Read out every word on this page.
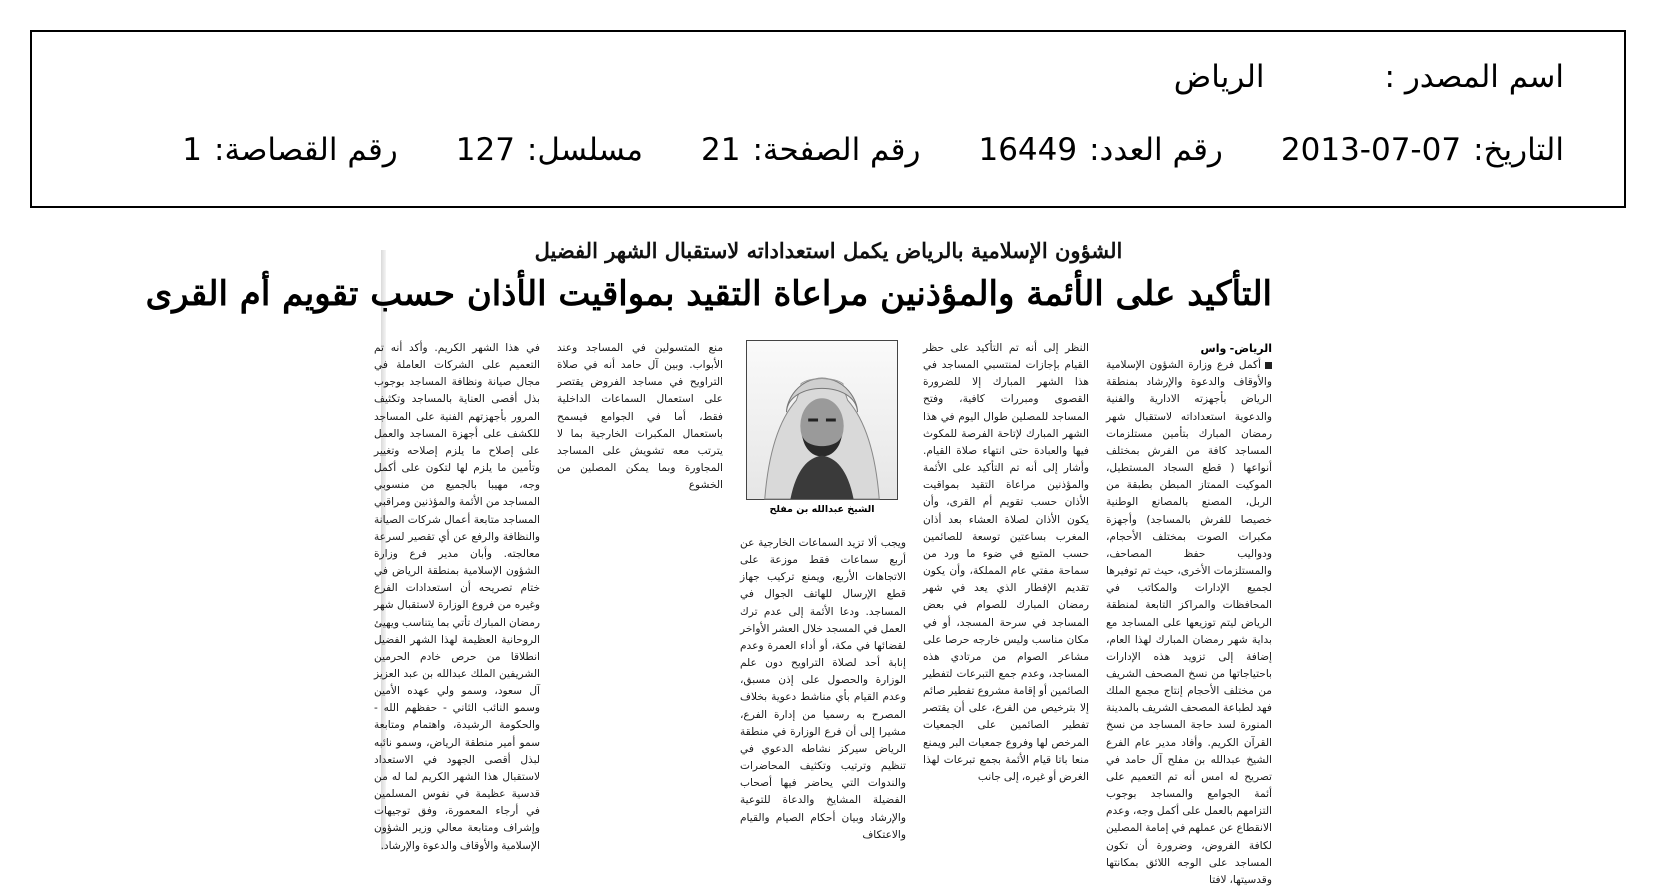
اسم المصدر :
الرياض
التاريخ:
2013-07-07
رقم العدد:
16449
رقم الصفحة:
21
مسلسل:
127
رقم القصاصة:
1
الشؤون الإسلامية بالرياض يكمل استعداداته لاستقبال الشهر الفضيل
التأكيد على الأئمة والمؤذنين مراعاة التقيد بمواقيت الأذان حسب تقويم أم القرى
الرياض- واس
أكمل فرع وزارة الشؤون الإسلامية والأوقاف والدعوة والإرشاد بمنطقة الرياض بأجهزته الادارية والفنية والدعوية استعداداته لاستقبال شهر رمضان المبارك بتأمين مستلزمات المساجد كافة من الفرش بمختلف أنواعها ( قطع السجاد المستطيل، الموكيت الممتاز المبطن بطبقة من الربل، المصنع بالمصانع الوطنية خصيصا للفرش بالمساجد) وأجهزة مكبرات الصوت بمختلف الأحجام، ودواليب حفظ المصاحف، والمستلزمات الأخرى، حيث تم توفيرها لجميع الإدارات والمكاتب في المحافظات والمراكز التابعة لمنطقة الرياض ليتم توزيعها على المساجد مع بداية شهر رمضان المبارك لهذا العام، إضافة إلى تزويد هذه الإدارات باحتياجاتها من نسخ المصحف الشريف من مختلف الأحجام إنتاج مجمع الملك فهد لطباعة المصحف الشريف بالمدينة المنورة لسد حاجة المساجد من نسخ القرآن الكريم. وأفاد مدير عام الفرع الشيخ عبدالله بن مفلح آل حامد في تصريح له امس أنه تم التعميم على أئمة الجوامع والمساجد بوجوب التزامهم بالعمل على أكمل وجه، وعدم الانقطاع عن عملهم في إمامة المصلين لكافة الفروض، وضرورة أن تكون المساجد على الوجه اللائق بمكانتها وقدسيتها، لافتا
النظر إلى أنه تم التأكيد على حظر القيام بإجازات لمنتسبي المساجد في هذا الشهر المبارك إلا للضرورة القصوى ومبررات كافية، وفتح المساجد للمصلين طوال اليوم في هذا الشهر المبارك لإتاحة الفرصة للمكوث فيها والعبادة حتى انتهاء صلاة القيام. وأشار إلى أنه تم التأكيد على الأئمة والمؤذنين مراعاة التقيد بمواقيت الأذان حسب تقويم أم القرى، وأن يكون الأذان لصلاة العشاء بعد أذان المغرب بساعتين توسعة للصائمين حسب المتبع في ضوء ما ورد من سماحة مفتي عام المملكة، وأن يكون تقديم الإفطار الذي يعد في شهر رمضان المبارك للصوام في بعض المساجد في سرحة المسجد، أو في مكان مناسب وليس خارجه حرصا على مشاعر الصوام من مرتادي هذه المساجد، وعدم جمع التبرعات لتفطير الصائمين أو إقامة مشروع تفطير صائم إلا بترخيص من الفرع، على أن يقتصر تفطير الصائمين على الجمعيات المرخص لها وفروع جمعيات البر ويمنع منعا باتا قيام الأئمة بجمع تبرعات لهذا الغرض أو غيره، إلى جانب
الشيخ عبدالله بن مفلح
ويجب ألا تزيد السماعات الخارجية عن أربع سماعات فقط موزعة على الاتجاهات الأربع، ويمنع تركيب جهاز قطع الإرسال للهاتف الجوال في المساجد. ودعا الأئمة إلى عدم ترك العمل في المسجد خلال العشر الأواخر لقضائها في مكة، أو أداء العمرة وعدم إنابة أحد لصلاة التراويح دون علم الوزارة والحصول على إذن مسبق، وعدم القيام بأي مناشط دعوية بخلاف المصرح به رسميا من إدارة الفرع، مشيرا إلى أن فرع الوزارة في منطقة الرياض سيركز نشاطه الدعوي في تنظيم وترتيب وتكثيف المحاضرات والندوات التي يحاضر فيها أصحاب الفضيلة المشايخ والدعاة للتوعية والإرشاد وبيان أحكام الصيام والقيام والاعتكاف
منع المتسولين في المساجد وعند الأبواب. وبين آل حامد أنه في صلاة التراويح في مساجد الفروض يقتصر على استعمال السماعات الداخلية فقط، أما في الجوامع فيسمح باستعمال المكبرات الخارجية بما لا يترتب معه تشويش على المساجد المجاورة وبما يمكن المصلين من الخشوع
في هذا الشهر الكريم. وأكد أنه تم التعميم على الشركات العاملة في مجال صيانة ونظافة المساجد بوجوب بذل أقصى العناية بالمساجد وتكثيف المرور بأجهزتهم الفنية على المساجد للكشف على أجهزة المساجد والعمل على إصلاح ما يلزم إصلاحه وتغيير وتأمين ما يلزم لها لتكون على أكمل وجه، مهيبا بالجميع من منسوبي المساجد من الأئمة والمؤذنين ومراقبي المساجد متابعة أعمال شركات الصيانة والنظافة والرفع عن أي تقصير لسرعة معالجته. وأبان مدير فرع وزارة الشؤون الإسلامية بمنطقة الرياض في ختام تصريحه أن استعدادات الفرع وغيره من فروع الوزارة لاستقبال شهر رمضان المبارك تأتي بما يتناسب ويهيئ الروحانية العظيمة لهذا الشهر الفضيل انطلاقا من حرص خادم الحرمين الشريفين الملك عبدالله بن عبد العزيز آل سعود، وسمو ولي عهده الأمين وسمو النائب الثاني - حفظهم الله - والحكومة الرشيدة، واهتمام ومتابعة سمو أمير منطقة الرياض، وسمو نائبه لبذل أقصى الجهود في الاستعداد لاستقبال هذا الشهر الكريم لما له من قدسية عظيمة في نفوس المسلمين في أرجاء المعمورة، وفق توجيهات وإشراف ومتابعة معالي وزير الشؤون الإسلامية والأوقاف والدعوة والإرشاد.
